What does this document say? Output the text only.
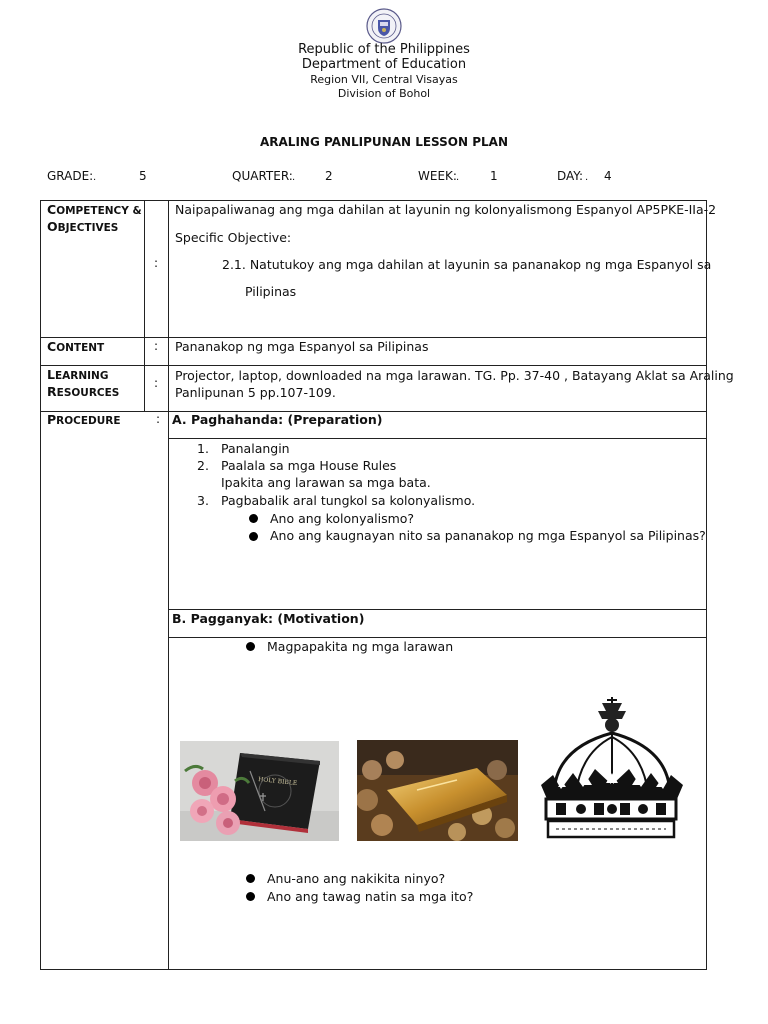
Republic of the Philippines
Department of Education
Region VII, Central Visayas
Division of Bohol
ARALING PANLIPUNAN LESSON PLAN
GRADE:	5	QUARTER:	2	WEEK:	1	DAY: 4
COMPETENCY &
OBJECTIVES
:
Naipapaliwanag ang mga dahilan at layunin ng kolonyalismong Espanyol AP5PKE-IIa-2
Specific Objective:
2.1. Natutukoy ang mga dahilan at layunin sa pananakop ng mga Espanyol sa
Pilipinas
CONTENT	: Pananakop ng mga Espanyol sa Pilipinas
LEARNING
RESOURCES
: Projector, laptop, downloaded na mga larawan. TG. Pp. 37-40 , Batayang Aklat sa Araling
Panlipunan 5 pp.107-109.
PROCEDURE	: A. Paghahanda: (Preparation)
1. Panalangin
2. Paalala sa mga House Rules
Ipakita ang larawan sa mga bata.
3. Pagbabalik aral tungkol sa kolonyalismo.
Ano ang kolonyalismo?
Ano ang kaugnayan nito sa pananakop ng mga Espanyol sa Pilipinas?
B. Pagganyak: (Motivation)
Magpapakita ng mga larawan
HOLY BIBLE
Anu-ano ang nakikita ninyo?
Ano ang tawag natin sa mga ito?
.	.	.	.
